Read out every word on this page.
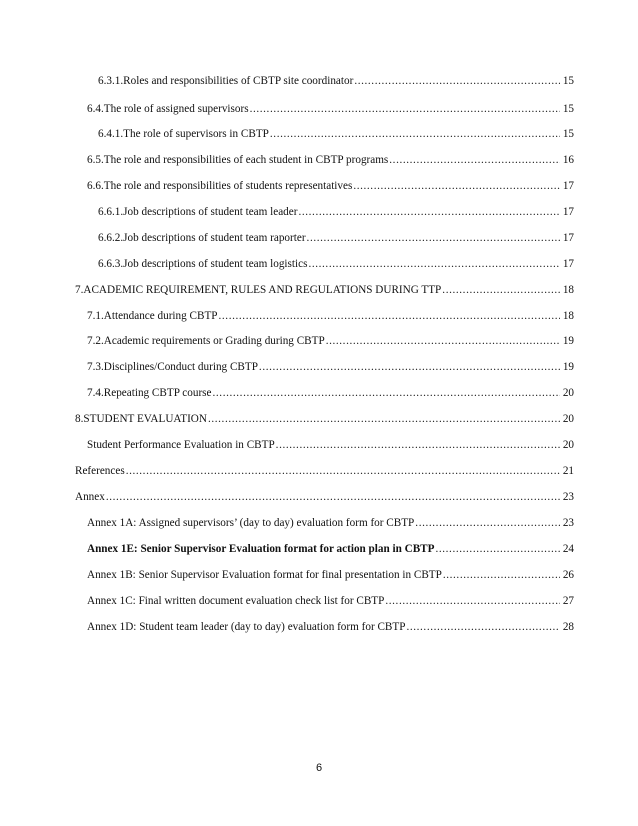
6.3.1. Roles and responsibilities of CBTP site coordinator .....	15
6.4. The role of assigned supervisors .....	15
6.4.1. The role of supervisors in CBTP .....	15
6.5. The role and responsibilities of each student in CBTP programs .....	16
6.6. The role and responsibilities of students representatives .....	17
6.6.1. Job descriptions of student team leader .....	17
6.6.2. Job descriptions of student team raporter .....	17
6.6.3. Job descriptions of student team logistics .....	17
7. ACADEMIC REQUIREMENT, RULES AND REGULATIONS DURING TTP .....	18
7.1. Attendance during CBTP .....	18
7.2. Academic requirements or Grading during CBTP .....	19
7.3. Disciplines/Conduct during CBTP .....	19
7.4. Repeating CBTP course .....	20
8. STUDENT EVALUATION .....	20
Student Performance Evaluation in CBTP .....	20
References .....	21
Annex .....	23
Annex 1A: Assigned supervisors’ (day to day) evaluation form for CBTP .....	23
Annex 1E: Senior Supervisor Evaluation format for action plan in CBTP .....	24
Annex 1B: Senior Supervisor Evaluation format for final presentation in CBTP .....	26
Annex 1C: Final written document evaluation check list for CBTP .....	27
Annex 1D: Student team leader (day to day) evaluation form for CBTP .....	28
6
